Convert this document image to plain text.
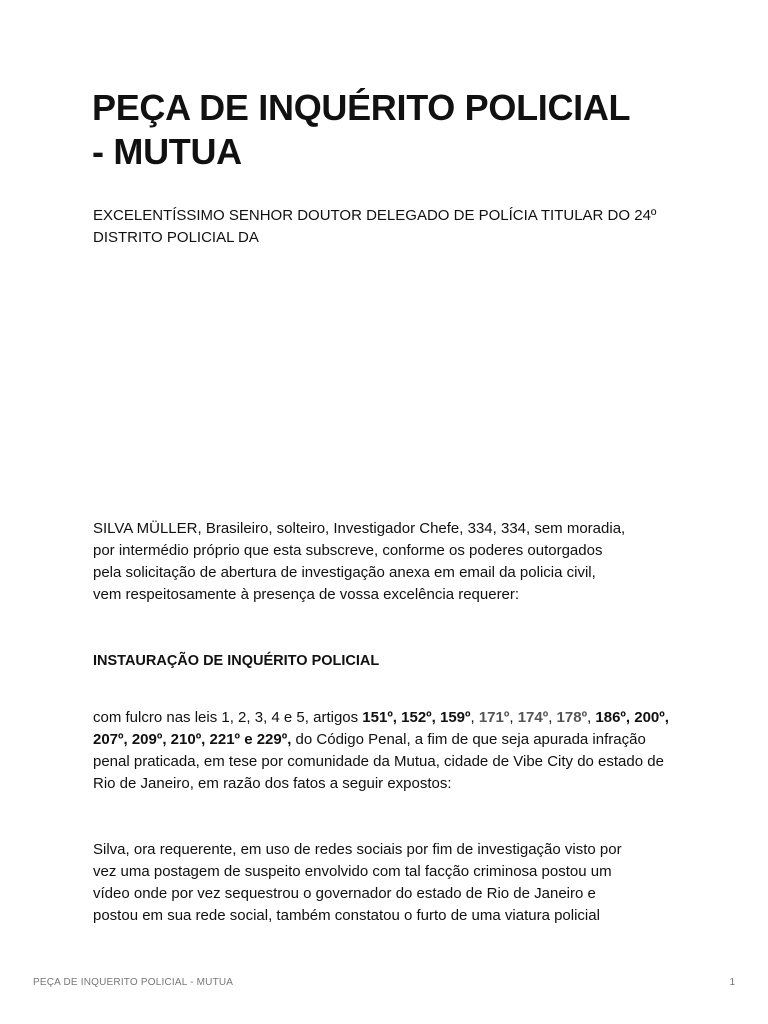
PEÇA DE INQUÉRITO POLICIAL
- MUTUA

EXCELENTÍSSIMO SENHOR DOUTOR DELEGADO DE POLÍCIA TITULAR DO 24º
DISTRITO POLICIAL DA

SILVA MÜLLER, Brasileiro, solteiro, Investigador Chefe, 334, 334, sem moradia,
por intermédio próprio que esta subscreve, conforme os poderes outorgados
pela solicitação de abertura de investigação anexa em email da policia civil,
vem respeitosamente à presença de vossa excelência requerer:

INSTAURAÇÃO DE INQUÉRITO POLICIAL

com fulcro nas leis 1, 2, 3, 4 e 5, artigos 151º, 152º, 159º, 171º, 174º, 178º, 186º, 200º, 207º, 209º, 210º, 221º e 229º, do Código Penal, a fim de que seja apurada infração penal praticada, em tese por comunidade da Mutua, cidade de Vibe City do estado de Rio de Janeiro, em razão dos fatos a seguir expostos:

Silva, ora requerente, em uso de redes sociais por fim de investigação visto por
vez uma postagem de suspeito envolvido com tal facção criminosa postou um
vídeo onde por vez sequestrou o governador do estado de Rio de Janeiro e
postou em sua rede social, também constatou o furto de uma viatura policial

PEÇA DE INQUERITO POLICIAL - MUTUA	1
